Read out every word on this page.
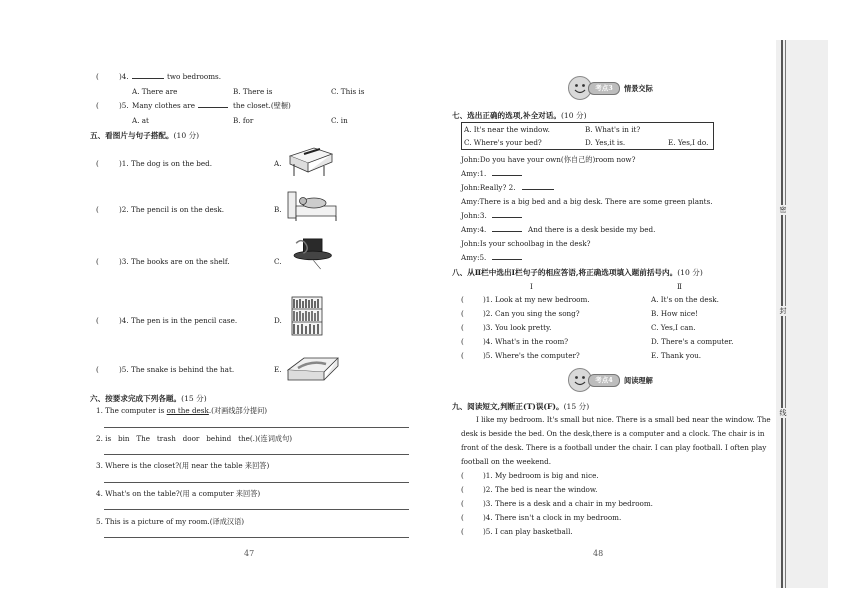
(	)4.	two bedrooms.
A. There are	B. There is	C. This is
(	)5. Many clothes are	the closet.(壁橱)
A. at	B. for	C. in
五、看图片与句子搭配。(10 分)
(	)1. The dog is on the bed.	A.
(	)2. The pencil is on the desk.	B.
(	)3. The books are on the shelf.	C.
(	)4. The pen is in the pencil case.	D.
(	)5. The snake is behind the hat.	E.
六、按要求完成下列各题。(15 分)
1. The computer is on the desk.(对画线部分提问)
2. is   bin   The   trash   door   behind   the(.)(连词成句)
3. Where is the closet?(用 near the table 来回答)
4. What's on the table?(用 a computer 来回答)
5. This is a picture of my room.(译成汉语)
47
考点3	情景交际
七、选出正确的选项,补全对话。(10 分)
A. It's near the window.	B. What's in it?
C. Where's your bed?	D. Yes,it is.	E. Yes,I do.
John:Do you have your own(你自己的)room now?
Amy:1.
John:Really? 2.
Amy:There is a big bed and a big desk. There are some green plants.
John:3.
Amy:4.	And there is a desk beside my bed.
John:Is your schoolbag in the desk?
Amy:5.
八、从Ⅱ栏中选出Ⅰ栏句子的相应答语,将正确选项填入题前括号内。(10 分)
Ⅰ	Ⅱ
(	)1. Look at my new bedroom.	A. It's on the desk.
(	)2. Can you sing the song?	B. How nice!
(	)3. You look pretty.	C. Yes,I can.
(	)4. What's in the room?	D. There's a computer.
(	)5. Where's the computer?	E. Thank you.
考点4	阅读理解
九、阅读短文,判断正(T)误(F)。(15 分)
I like my bedroom. It's small but nice. There is a small bed near the window. The
desk is beside the bed. On the desk,there is a computer and a clock. The chair is in
front of the desk. There is a football under the chair. I can play football. I often play
football on the weekend.
(	)1. My bedroom is big and nice.
(	)2. The bed is near the window.
(	)3. There is a desk and a chair in my bedroom.
(	)4. There isn't a clock in my bedroom.
(	)5. I can play basketball.
48
密
封
线
